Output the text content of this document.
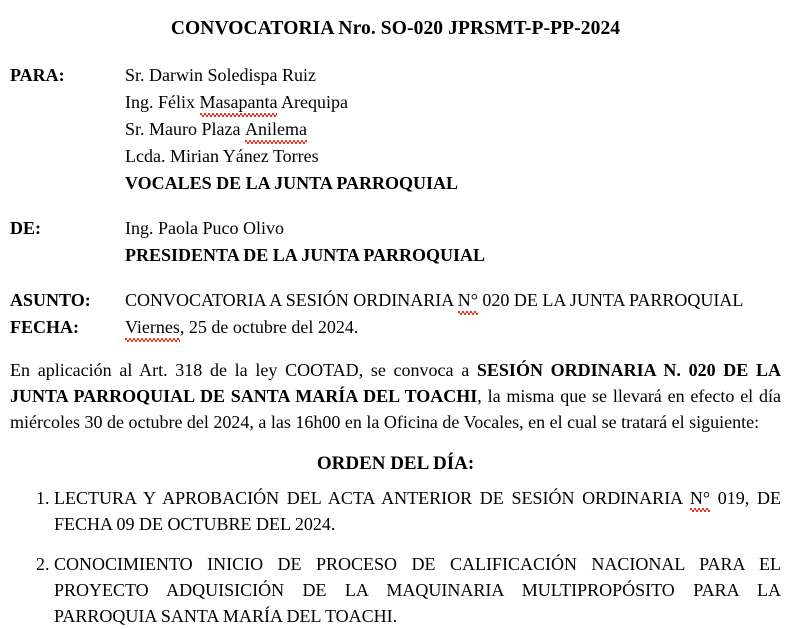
CONVOCATORIA Nro. SO-020 JPRSMT-P-PP-2024
PARA:	Sr. Darwin Soledispa Ruiz
Ing. Félix Masapanta Arequipa
Sr. Mauro Plaza Anilema
Lcda. Mirian Yánez Torres
VOCALES DE LA JUNTA PARROQUIAL
DE:	Ing. Paola Puco Olivo
PRESIDENTA DE LA JUNTA PARROQUIAL
ASUNTO:	CONVOCATORIA A SESIÓN ORDINARIA N° 020 DE LA JUNTA PARROQUIAL
FECHA:	Viernes, 25 de octubre del 2024.
En aplicación al Art. 318 de la ley COOTAD, se convoca a SESIÓN ORDINARIA N. 020 DE LA JUNTA PARROQUIAL DE SANTA MARÍA DEL TOACHI, la misma que se llevará en efecto el día miércoles 30 de octubre del 2024, a las 16h00 en la Oficina de Vocales, en el cual se tratará el siguiente:
ORDEN DEL DÍA:
1. LECTURA Y APROBACIÓN DEL ACTA ANTERIOR DE SESIÓN ORDINARIA N° 019, DE FECHA 09 DE OCTUBRE DEL 2024.
2. CONOCIMIENTO INICIO DE PROCESO DE CALIFICACIÓN NACIONAL PARA EL PROYECTO ADQUISICIÓN DE LA MAQUINARIA MULTIPROPÓSITO PARA LA PARROQUIA SANTA MARÍA DEL TOACHI.
